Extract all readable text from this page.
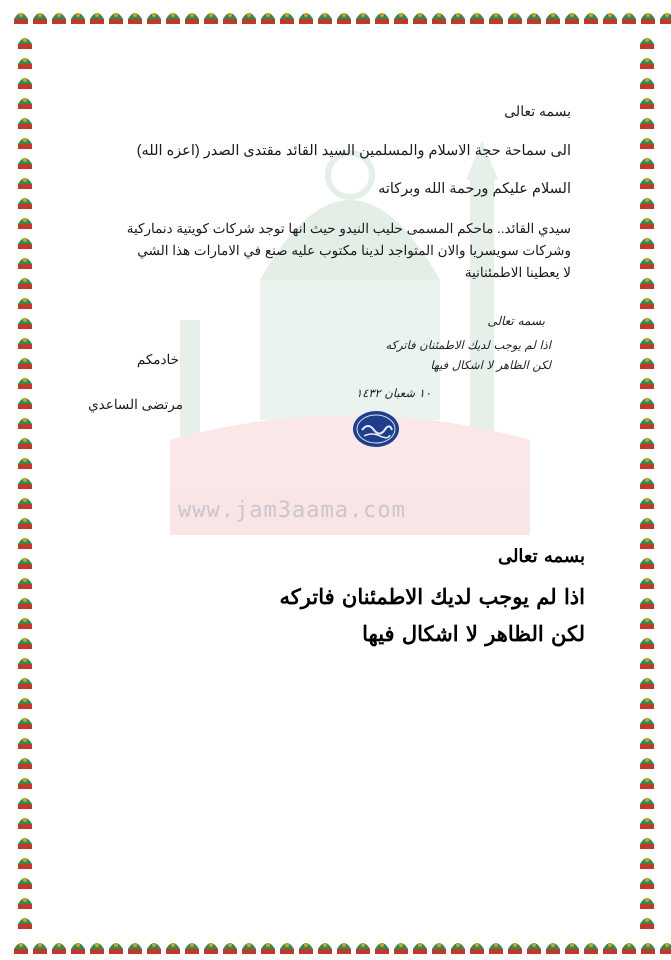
www.jam3aama.com
بسمه تعالى
الى سماحة حجة الاسلام والمسلمين السيد القائد مقتدى الصدر (اعزه الله)
السلام عليكم ورحمة الله وبركاته
سيدي القائد.. ماحكم المسمى حليب النيدو حيث انها توجد شركات كويتية دنماركية
وشركات سويسريا والان المتواجد لدينا مكتوب عليه صنع في الامارات هذا الشي
لا يعطينا الاطمئنانية
خادمكم
مرتضى الساعدي
بسمه تعالى
اذا لم يوجب لديك الاطمئنان فاتركه
لكن الظاهر لا اشكال فيها
١٠ شعبان ١٤٣٢
بسمه تعالى
اذا لم يوجب لديك الاطمئنان فاتركه
لكن الظاهر لا اشكال فيها
